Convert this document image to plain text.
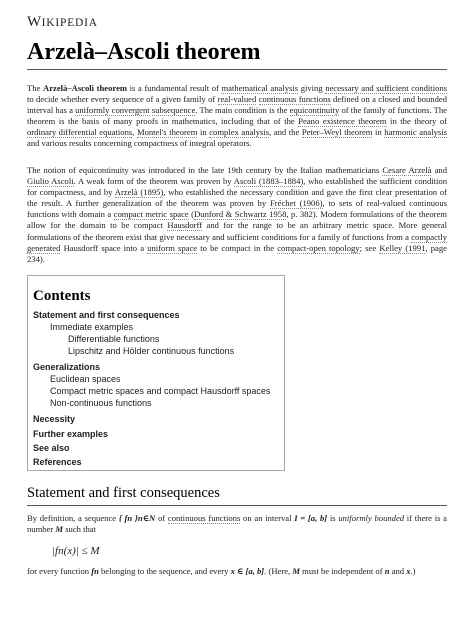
WIKIPEDIA
Arzelà–Ascoli theorem

The Arzelà–Ascoli theorem is a fundamental result of mathematical analysis giving necessary and sufficient conditions to decide whether every sequence of a given family of real-valued continuous functions defined on a closed and bounded interval has a uniformly convergent subsequence. The main condition is the equicontinuity of the family of functions. The theorem is the basis of many proofs in mathematics, including that of the Peano existence theorem in the theory of ordinary differential equations, Montel's theorem in complex analysis, and the Peter–Weyl theorem in harmonic analysis and various results concerning compactness of integral operators.

The notion of equicontinuity was introduced in the late 19th century by the Italian mathematicians Cesare Arzelà and Giulio Ascoli. A weak form of the theorem was proven by Ascoli (1883–1884), who established the sufficient condition for compactness, and by Arzelà (1895), who established the necessary condition and gave the first clear presentation of the result. A further generalization of the theorem was proven by Fréchet (1906), to sets of real-valued continuous functions with domain a compact metric space (Dunford & Schwartz 1958, p. 382). Modern formulations of the theorem allow for the domain to be compact Hausdorff and for the range to be an arbitrary metric space. More general formulations of the theorem exist that give necessary and sufficient conditions for a family of functions from a compactly generated Hausdorff space into a uniform space to be compact in the compact-open topology; see Kelley (1991, page 234).

Contents
Statement and first consequences
Immediate examples
Differentiable functions
Lipschitz and Hölder continuous functions
Generalizations
Euclidean spaces
Compact metric spaces and compact Hausdorff spaces
Non-continuous functions
Necessity
Further examples
See also
References
Statement and first consequences

By definition, a sequence { fn }n∈N of continuous functions on an interval I = [a, b] is uniformly bounded if there is a number M such that

|fn(x)| ≤ M

for every function fn belonging to the sequence, and every x ∈ [a, b]. (Here, M must be independent of n and x.)
